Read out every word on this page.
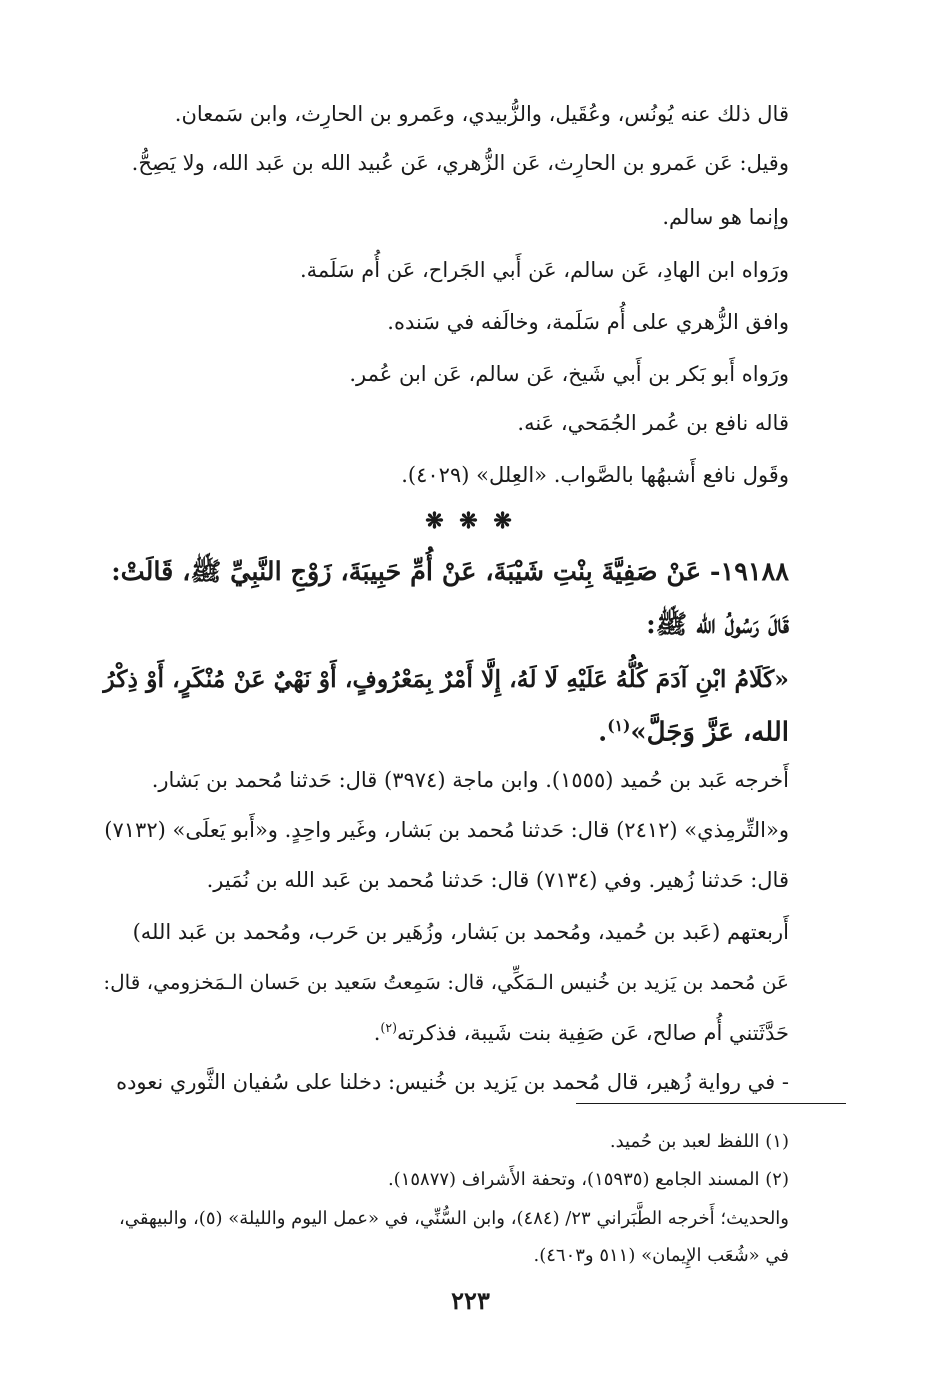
قال ذلك عنه يُونُس، وعُقَيل، والزُّبيدي، وعَمرو بن الحارِث، وابن سَمعان.

وقيل: عَن عَمرو بن الحارِث، عَن الزُّهري، عَن عُبيد الله بن عَبد الله، ولا يَصِحُّ.

وإنما هو سالم.

ورَواه ابن الهادِ، عَن سالم، عَن أَبي الجَراح، عَن أُم سَلَمة.

وافق الزُّهري على أُم سَلَمة، وخالَفه في سَنده.

ورَواه أَبو بَكر بن أَبي شَيخ، عَن سالم، عَن ابن عُمر.

قاله نافع بن عُمر الجُمَحي، عَنه.

وقَول نافع أَشبهُها بالصَّواب. «العِلل» (٤٠٢٩).

❋ ❋ ❋

١٩١٨٨- عَنْ صَفِيَّةَ بِنْتِ شَيْبَةَ، عَنْ أُمِّ حَبِيبَةَ، زَوْجِ النَّبِيِّ ﷺ، قَالَتْ:

قَالَ رَسُولُ الله ﷺ:

«كَلَامُ ابْنِ آدَمَ كُلُّهُ عَلَيْهِ لَا لَهُ، إِلَّا أَمْرٌ بِمَعْرُوفٍ، أَوْ نَهْيٌ عَنْ مُنْكَرٍ، أَوْ ذِكْرُ

الله، عَزَّ وَجَلَّ»$^{(١)}$.

أَخرجه عَبد بن حُميد (١٥٥٥). وابن ماجة (٣٩٧٤) قال: حَدثنا مُحمد بن بَشار.

و«التِّرمِذي» (٢٤١٢) قال: حَدثنا مُحمد بن بَشار، وغَير واحِدٍ. و«أَبو يَعلَى» (٧١٣٢)

قال: حَدثنا زُهير. وفي (٧١٣٤) قال: حَدثنا مُحمد بن عَبد الله بن نُمَير.

أَربعتهم (عَبد بن حُميد، ومُحمد بن بَشار، وزُهَير بن حَرب، ومُحمد بن عَبد الله)

عَن مُحمد بن يَزيد بن خُنيس الـمَكِّي، قال: سَمِعتُ سَعيد بن حَسان الـمَخزومي، قال:

حَدَّثَتني أُم صالح، عَن صَفِية بنت شَيبة، فذكرته$^{(٢)}$.

- في رواية زُهير، قال مُحمد بن يَزيد بن خُنيس: دخلنا على سُفيان الثَّوري نعوده

(١) اللفظ لعبد بن حُميد.

(٢) المسند الجامع (١٥٩٣٥)، وتحفة الأَشراف (١٥٨٧٧).

والحديث؛ أَخرجه الطَّبَراني ٢٣/ (٤٨٤)، وابن السُّنِّي، في «عمل اليوم والليلة» (٥)، والبيهقي،

في «شُعَب الإِيمان» (٥١١ و٤٦٠٣).

٢٢٣
